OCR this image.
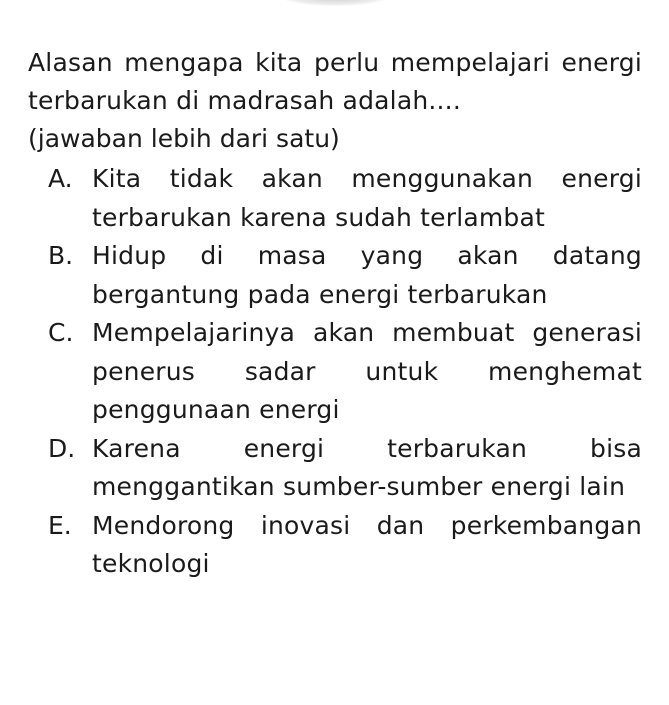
Alasan mengapa kita perlu mempelajari energi terbarukan di madrasah adalah....
(jawaban lebih dari satu)
A. Kita tidak akan menggunakan energi terbarukan karena sudah terlambat
B. Hidup di masa yang akan datang bergantung pada energi terbarukan
C. Mempelajarinya akan membuat generasi penerus sadar untuk menghemat penggunaan energi
D. Karena energi terbarukan bisa menggantikan sumber-sumber energi lain
E. Mendorong inovasi dan perkembangan teknologi
